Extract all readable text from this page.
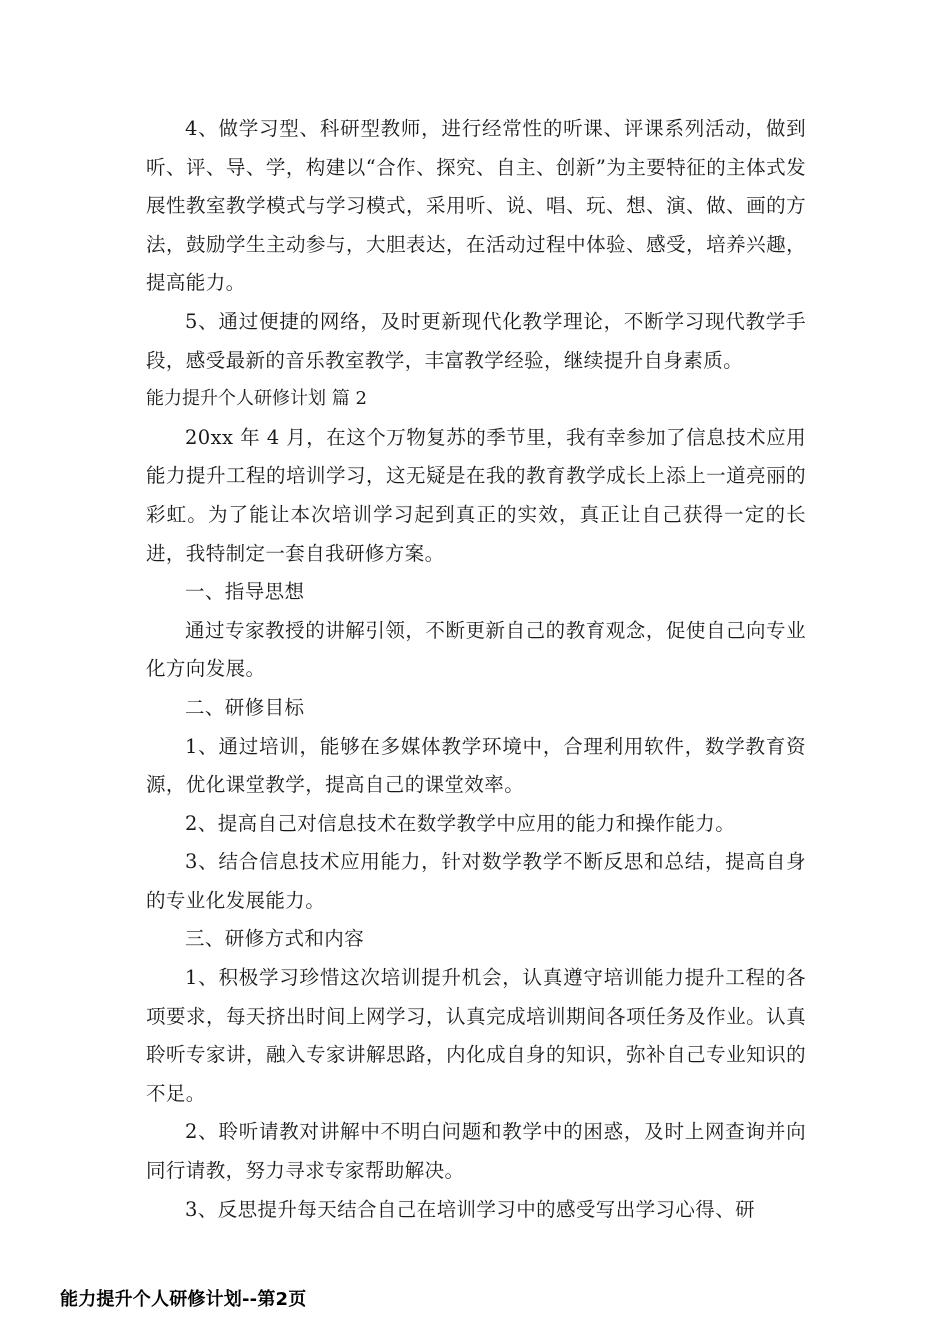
4、做学习型、科研型教师，进行经常性的听课、评课系列活动，做到听、评、导、学，构建以“合作、探究、自主、创新”为主要特征的主体式发展性教室教学模式与学习模式，采用听、说、唱、玩、想、演、做、画的方法，鼓励学生主动参与，大胆表达，在活动过程中体验、感受，培养兴趣，提高能力。

5、通过便捷的网络，及时更新现代化教学理论，不断学习现代教学手段，感受最新的音乐教室教学，丰富教学经验，继续提升自身素质。

能力提升个人研修计划 篇 2

20xx 年 4 月，在这个万物复苏的季节里，我有幸参加了信息技术应用能力提升工程的培训学习，这无疑是在我的教育教学成长上添上一道亮丽的彩虹。为了能让本次培训学习起到真正的实效，真正让自己获得一定的长进，我特制定一套自我研修方案。

一、指导思想

通过专家教授的讲解引领，不断更新自己的教育观念，促使自己向专业化方向发展。

二、研修目标

1、通过培训，能够在多媒体教学环境中，合理利用软件，数学教育资源，优化课堂教学，提高自己的课堂效率。

2、提高自己对信息技术在数学教学中应用的能力和操作能力。

3、结合信息技术应用能力，针对数学教学不断反思和总结，提高自身的专业化发展能力。

三、研修方式和内容

1、积极学习珍惜这次培训提升机会，认真遵守培训能力提升工程的各项要求，每天挤出时间上网学习，认真完成培训期间各项任务及作业。认真聆听专家讲，融入专家讲解思路，内化成自身的知识，弥补自己专业知识的不足。

2、聆听请教对讲解中不明白问题和教学中的困惑，及时上网查询并向同行请教，努力寻求专家帮助解决。

3、反思提升每天结合自己在培训学习中的感受写出学习心得、研

能力提升个人研修计划--第2页
